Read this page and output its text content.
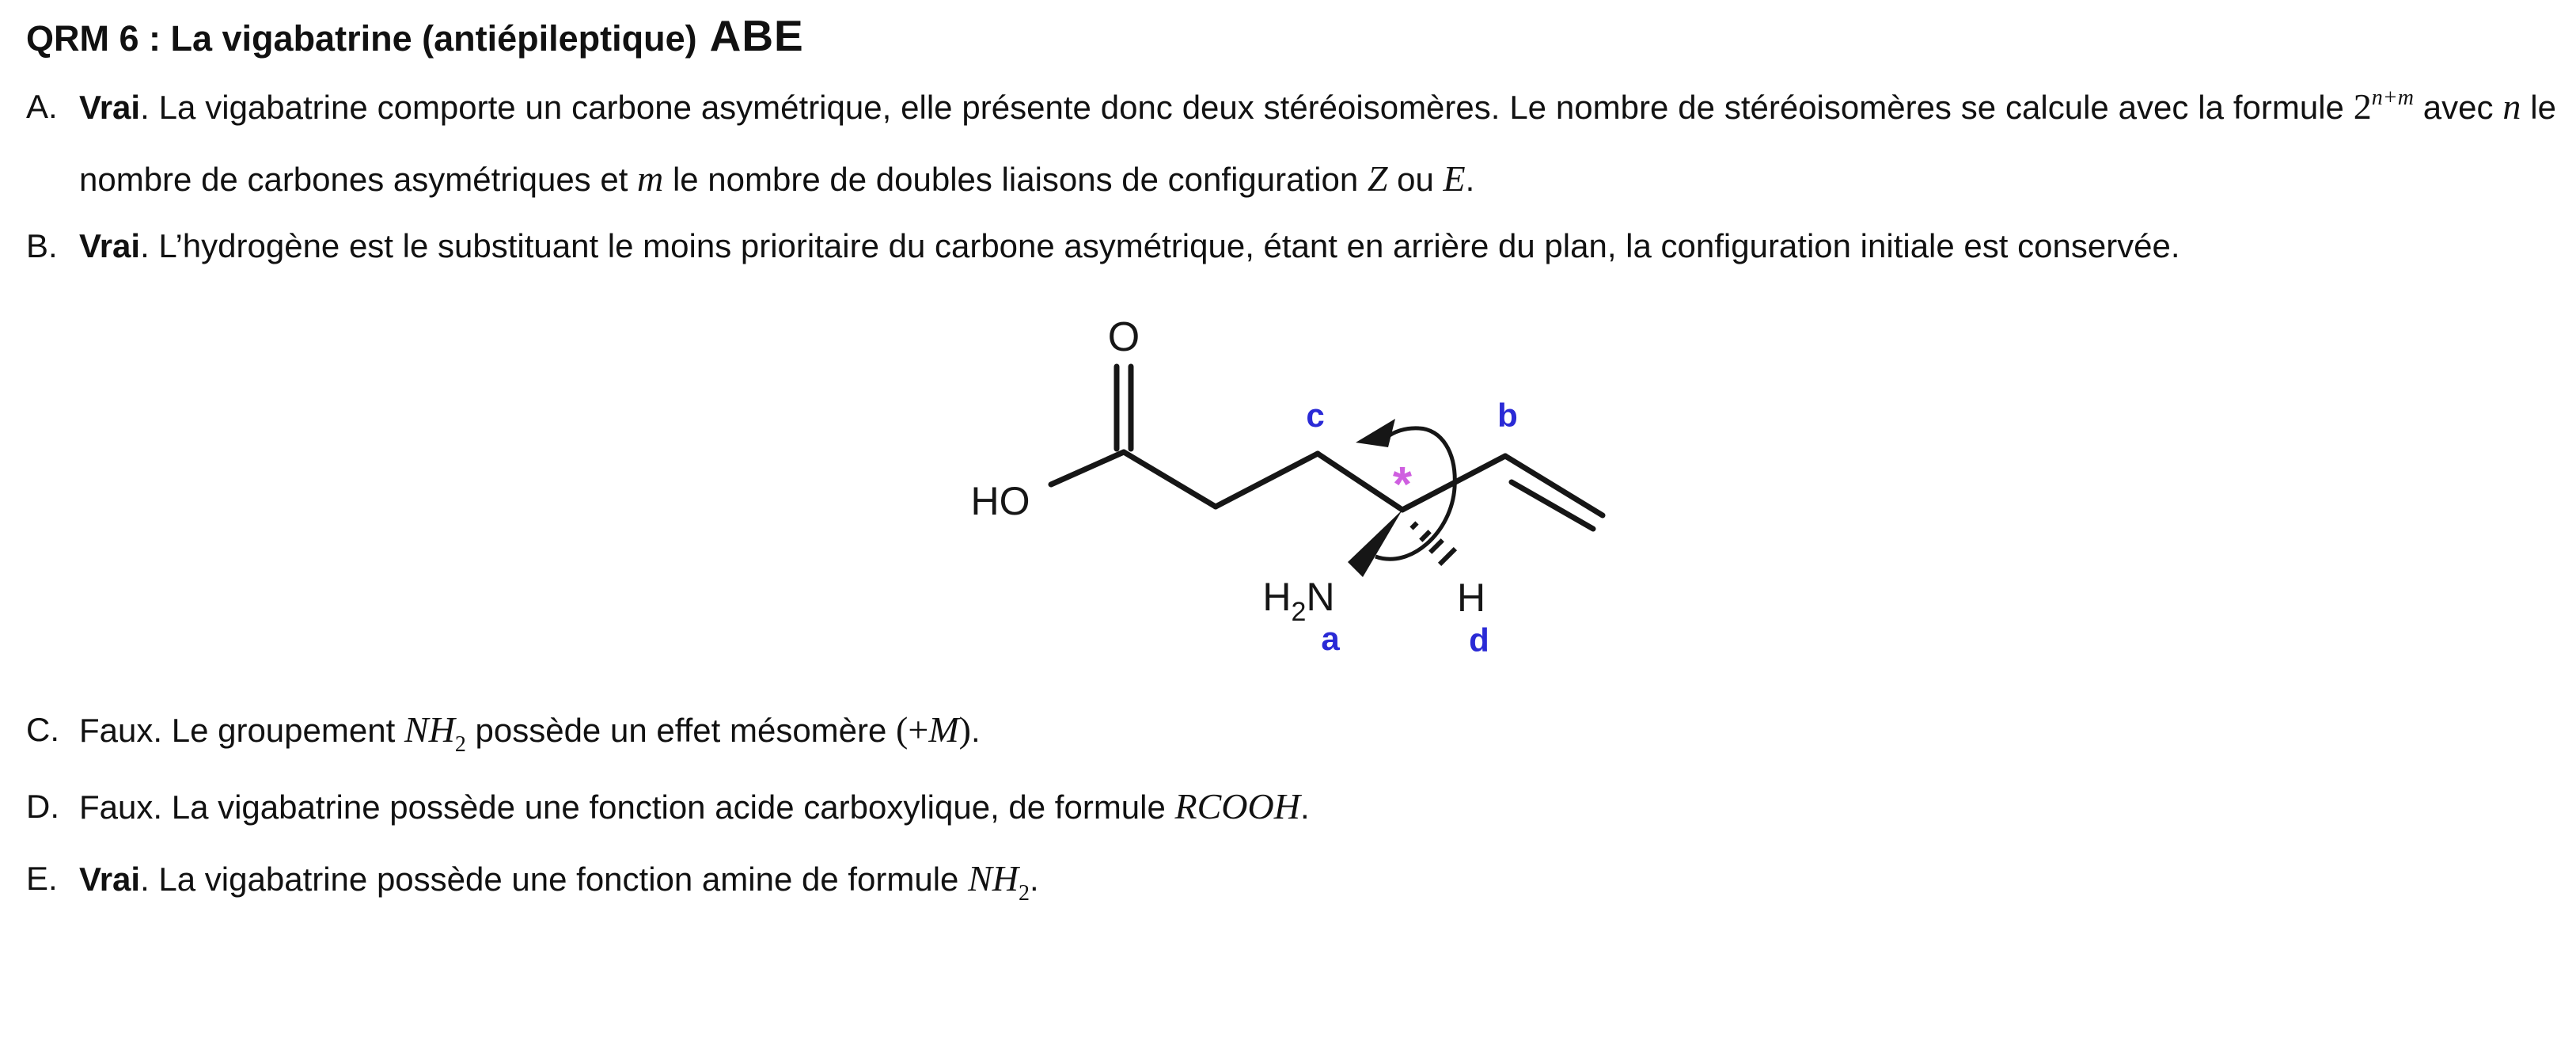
QRM 6 : La vigabatrine (antiépileptique) ABE
A. Vrai. La vigabatrine comporte un carbone asymétrique, elle présente donc deux stéréoisomères. Le nombre de stéréoisomères se calcule avec la formule $2^{n+m}$ avec n le nombre de carbones asymétriques et m le nombre de doubles liaisons de configuration Z ou E.
B. Vrai. L’hydrogène est le substituant le moins prioritaire du carbone asymétrique, étant en arrière du plan, la configuration initiale est conservée.
O
HO
$H_2N$	H
*
a
b
c
d
C. Faux. Le groupement $NH_2$ possède un effet mésomère (+M).
D. Faux. La vigabatrine possède une fonction acide carboxylique, de formule RCOOH.
E. Vrai. La vigabatrine possède une fonction amine de formule $NH_2$.
